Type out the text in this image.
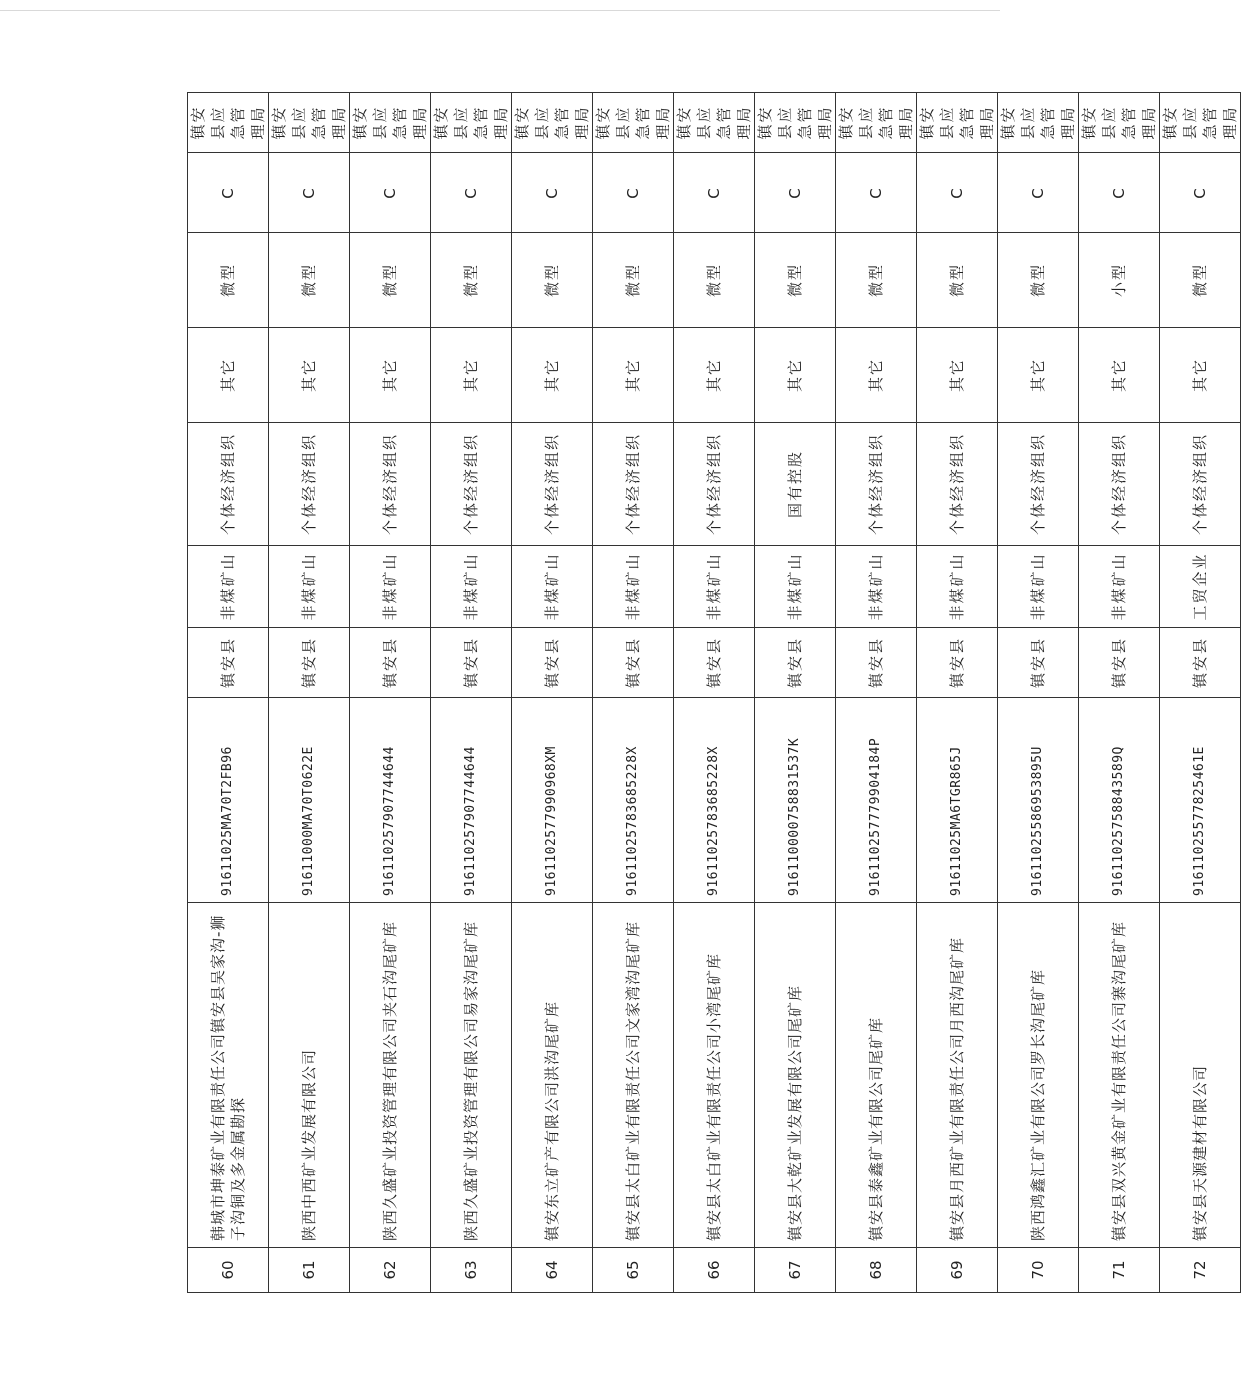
60	韩城市坤泰矿业有限责任公司镇安县吴家沟-狮子沟铜及多金属勘探	91611025MA70T2FB96	镇安县	非煤矿山	个体经济组织	其它	微型	C	镇安县应急管理局
61	陕西中西矿业发展有限公司	91611000MA70T0622E	镇安县	非煤矿山	个体经济组织	其它	微型	C	镇安县应急管理局
62	陕西久盛矿业投资管理有限公司夹石沟尾矿库	916110257907744644	镇安县	非煤矿山	个体经济组织	其它	微型	C	镇安县应急管理局
63	陕西久盛矿业投资管理有限公司易家沟尾矿库	916110257907744644	镇安县	非煤矿山	个体经济组织	其它	微型	C	镇安县应急管理局
64	镇安东立矿产有限公司洪沟尾矿库	9161102577990968XM	镇安县	非煤矿山	个体经济组织	其它	微型	C	镇安县应急管理局
65	镇安县太白矿业有限责任公司文家湾沟尾矿库	91611025783685228X	镇安县	非煤矿山	个体经济组织	其它	微型	C	镇安县应急管理局
66	镇安县太白矿业有限责任公司小湾尾矿库	91611025783685228X	镇安县	非煤矿山	个体经济组织	其它	微型	C	镇安县应急管理局
67	镇安县大乾矿业发展有限公司尾矿库	916110000758831537K	镇安县	非煤矿山	国有控股	其它	微型	C	镇安县应急管理局
68	镇安县泰鑫矿业有限公司尾矿库	916110257779904184P	镇安县	非煤矿山	个体经济组织	其它	微型	C	镇安县应急管理局
69	镇安县月西矿业有限责任公司月西沟尾矿库	91611025MA6TGR865J	镇安县	非煤矿山	个体经济组织	其它	微型	C	镇安县应急管理局
70	陕西鸿鑫汇矿业有限公司罗长沟尾矿库	91611025586953895U	镇安县	非煤矿山	个体经济组织	其它	微型	C	镇安县应急管理局
71	镇安县双兴黄金矿业有限责任公司寨沟尾矿库	91611025758843589Q	镇安县	非煤矿山	个体经济组织	其它	小型	C	镇安县应急管理局
72	镇安县天源建材有限公司	91611025577825461E	镇安县	工贸企业	个体经济组织	其它	微型	C	镇安县应急管理局
